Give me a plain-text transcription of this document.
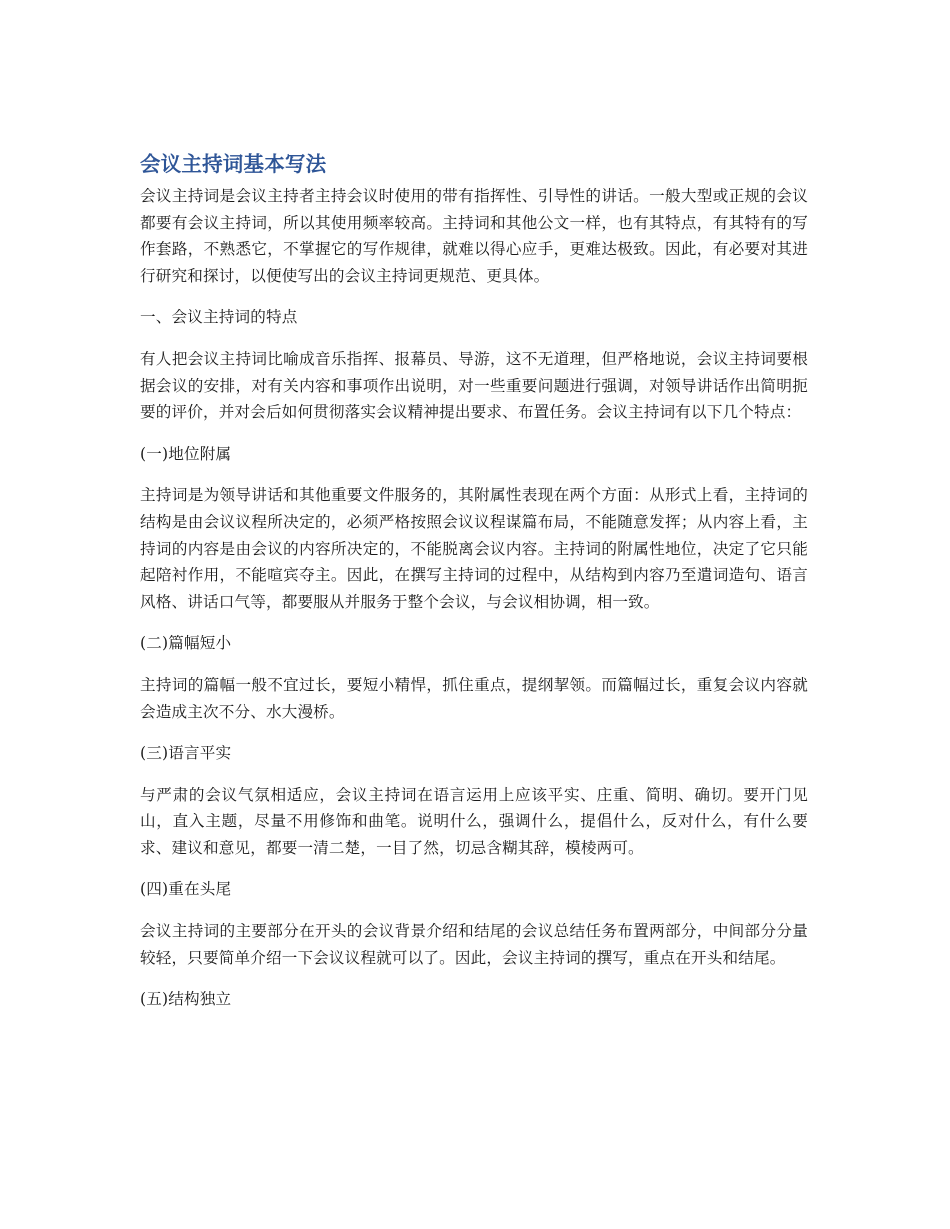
会议主持词基本写法

会议主持词是会议主持者主持会议时使用的带有指挥性、引导性的讲话。一般大型或正规的会议都要有会议主持词，所以其使用频率较高。主持词和其他公文一样，也有其特点，有其特有的写作套路，不熟悉它，不掌握它的写作规律，就难以得心应手，更难达极致。因此，有必要对其进行研究和探讨，以便使写出的会议主持词更规范、更具体。

一、会议主持词的特点

有人把会议主持词比喻成音乐指挥、报幕员、导游，这不无道理，但严格地说，会议主持词要根据会议的安排，对有关内容和事项作出说明，对一些重要问题进行强调，对领导讲话作出简明扼要的评价，并对会后如何贯彻落实会议精神提出要求、布置任务。会议主持词有以下几个特点：

(一)地位附属

主持词是为领导讲话和其他重要文件服务的，其附属性表现在两个方面：从形式上看，主持词的结构是由会议议程所决定的，必须严格按照会议议程谋篇布局，不能随意发挥；从内容上看，主持词的内容是由会议的内容所决定的，不能脱离会议内容。主持词的附属性地位，决定了它只能起陪衬作用，不能喧宾夺主。因此，在撰写主持词的过程中，从结构到内容乃至遣词造句、语言风格、讲话口气等，都要服从并服务于整个会议，与会议相协调，相一致。

(二)篇幅短小

主持词的篇幅一般不宜过长，要短小精悍，抓住重点，提纲挈领。而篇幅过长，重复会议内容就会造成主次不分、水大漫桥。

(三)语言平实

与严肃的会议气氛相适应，会议主持词在语言运用上应该平实、庄重、简明、确切。要开门见山，直入主题，尽量不用修饰和曲笔。说明什么，强调什么，提倡什么，反对什么，有什么要求、建议和意见，都要一清二楚，一目了然，切忌含糊其辞，模棱两可。

(四)重在头尾

会议主持词的主要部分在开头的会议背景介绍和结尾的会议总结任务布置两部分，中间部分分量较轻，只要简单介绍一下会议议程就可以了。因此，会议主持词的撰写，重点在开头和结尾。

(五)结构独立
